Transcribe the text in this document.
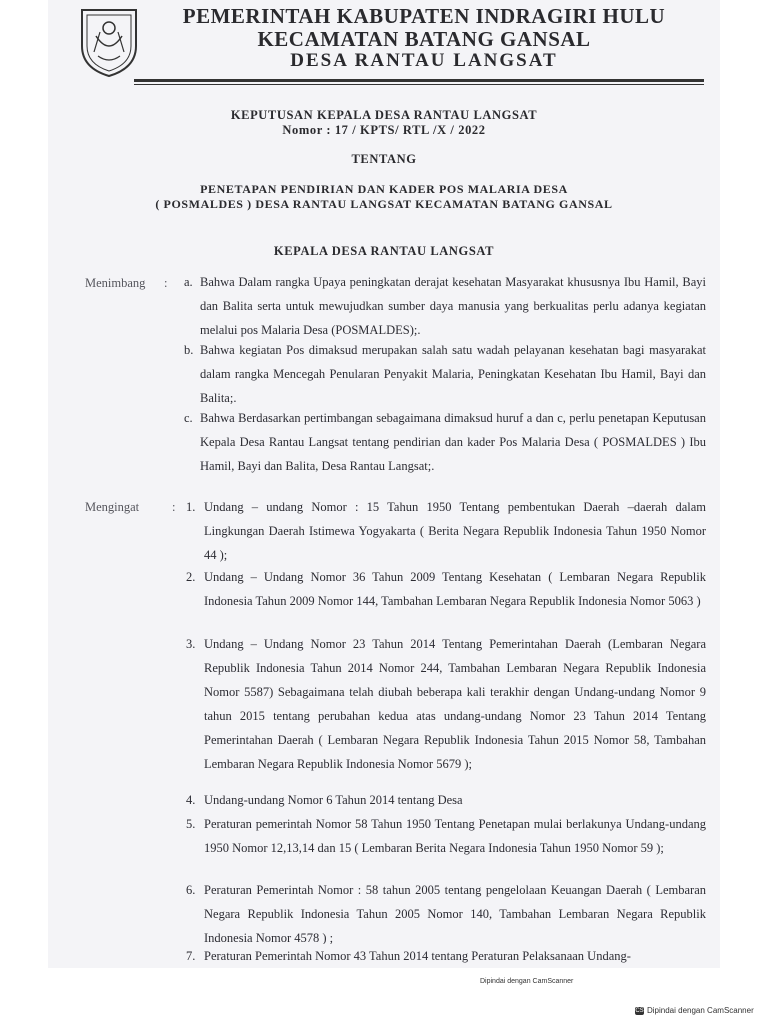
PEMERINTAH KABUPATEN INDRAGIRI HULU
KECAMATAN BATANG GANSAL
DESA RANTAU LANGSAT
KEPUTUSAN KEPALA DESA RANTAU LANGSAT
Nomor : 17 / KPTS/ RTL /X / 2022
TENTANG
PENETAPAN PENDIRIAN DAN KADER POS MALARIA DESA
( POSMALDES ) DESA RANTAU LANGSAT KECAMATAN BATANG GANSAL
KEPALA DESA RANTAU LANGSAT
Menimbang : a. Bahwa Dalam rangka Upaya peningkatan derajat kesehatan Masyarakat khususnya Ibu Hamil, Bayi dan Balita serta untuk mewujudkan sumber daya manusia yang berkualitas perlu adanya kegiatan melalui pos Malaria Desa (POSMALDES);.
b. Bahwa kegiatan Pos dimaksud merupakan salah satu wadah pelayanan kesehatan bagi masyarakat dalam rangka Mencegah Penularan Penyakit Malaria, Peningkatan Kesehatan Ibu Hamil, Bayi dan Balita;.
c. Bahwa Berdasarkan pertimbangan sebagaimana dimaksud huruf a dan c, perlu penetapan Keputusan Kepala Desa Rantau Langsat tentang pendirian dan kader Pos Malaria Desa ( POSMALDES ) Ibu Hamil, Bayi dan Balita, Desa Rantau Langsat;.
Mengingat	: 1. Undang – undang Nomor : 15 Tahun 1950 Tentang pembentukan Daerah –daerah dalam Lingkungan Daerah Istimewa Yogyakarta ( Berita Negara Republik Indonesia Tahun 1950 Nomor 44 );
2. Undang – Undang Nomor 36 Tahun 2009 Tentang Kesehatan ( Lembaran Negara Republik Indonesia Tahun 2009 Nomor 144, Tambahan Lembaran Negara Republik Indonesia Nomor 5063 )
3. Undang – Undang Nomor 23 Tahun 2014 Tentang Pemerintahan Daerah (Lembaran Negara Republik Indonesia Tahun 2014 Nomor 244, Tambahan Lembaran Negara Republik Indonesia Nomor 5587) Sebagaimana telah diubah beberapa kali terakhir dengan Undang-undang Nomor 9 tahun 2015 tentang perubahan kedua atas undang-undang Nomor 23 Tahun 2014 Tentang Pemerintahan Daerah ( Lembaran Negara Republik Indonesia Tahun 2015 Nomor 58, Tambahan Lembaran Negara Republik Indonesia Nomor 5679 );
4. Undang-undang Nomor 6 Tahun 2014 tentang Desa
5. Peraturan pemerintah Nomor 58 Tahun 1950 Tentang Penetapan mulai berlakunya Undang-undang 1950 Nomor 12,13,14 dan 15 ( Lembaran Berita Negara Indonesia Tahun 1950 Nomor 59 );
6. Peraturan Pemerintah Nomor : 58 tahun 2005 tentang pengelolaan Keuangan Daerah ( Lembaran Negara Republik Indonesia Tahun 2005 Nomor 140, Tambahan Lembaran Negara Republik Indonesia Nomor 4578 ) ;
7. Peraturan Pemerintah Nomor 43 Tahun 2014 tentang Peraturan Pelaksanaan Undang-
Dipindai dengan CamScanner
CS Dipindai dengan CamScanner
